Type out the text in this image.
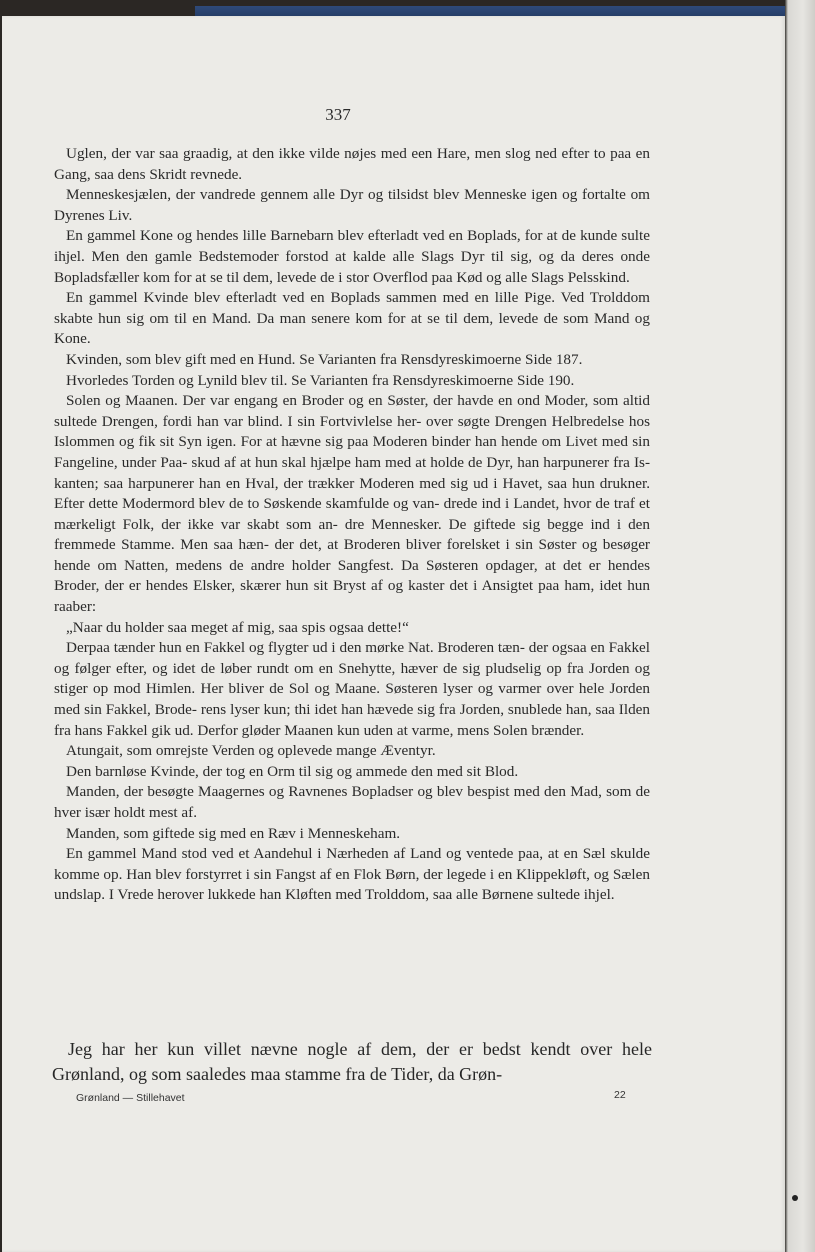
337

Uglen, der var saa graadig, at den ikke vilde nøjes med een Hare, men slog ned efter to paa en Gang, saa dens Skridt revnede.

Menneskesjælen, der vandrede gennem alle Dyr og tilsidst blev Menneske igen og fortalte om Dyrenes Liv.

En gammel Kone og hendes lille Barnebarn blev efterladt ved en Boplads, for at de kunde sulte ihjel. Men den gamle Bedstemoder forstod at kalde alle Slags Dyr til sig, og da deres onde Bopladsfæller kom for at se til dem, levede de i stor Overflod paa Kød og alle Slags Pelsskind.

En gammel Kvinde blev efterladt ved en Boplads sammen med en lille Pige. Ved Trolddom skabte hun sig om til en Mand. Da man senere kom for at se til dem, levede de som Mand og Kone.

Kvinden, som blev gift med en Hund. Se Varianten fra Rensdyreskimoerne Side 187.

Hvorledes Torden og Lynild blev til. Se Varianten fra Rensdyreskimoerne Side 190.

Solen og Maanen. Der var engang en Broder og en Søster, der havde en ond Moder, som altid sultede Drengen, fordi han var blind. I sin Fortvivlelse her- over søgte Drengen Helbredelse hos Islommen og fik sit Syn igen. For at hævne sig paa Moderen binder han hende om Livet med sin Fangeline, under Paa- skud af at hun skal hjælpe ham med at holde de Dyr, han harpunerer fra Is- kanten; saa harpunerer han en Hval, der trækker Moderen med sig ud i Havet, saa hun drukner. Efter dette Modermord blev de to Søskende skamfulde og van- drede ind i Landet, hvor de traf et mærkeligt Folk, der ikke var skabt som an- dre Mennesker. De giftede sig begge ind i den fremmede Stamme. Men saa hæn- der det, at Broderen bliver forelsket i sin Søster og besøger hende om Natten, medens de andre holder Sangfest. Da Søsteren opdager, at det er hendes Broder, der er hendes Elsker, skærer hun sit Bryst af og kaster det i Ansigtet paa ham, idet hun raaber:

„Naar du holder saa meget af mig, saa spis ogsaa dette!“

Derpaa tænder hun en Fakkel og flygter ud i den mørke Nat. Broderen tæn- der ogsaa en Fakkel og følger efter, og idet de løber rundt om en Snehytte, hæver de sig pludselig op fra Jorden og stiger op mod Himlen. Her bliver de Sol og Maane. Søsteren lyser og varmer over hele Jorden med sin Fakkel, Brode- rens lyser kun; thi idet han hævede sig fra Jorden, snublede han, saa Ilden fra hans Fakkel gik ud. Derfor gløder Maanen kun uden at varme, mens Solen brænder.

Atungait, som omrejste Verden og oplevede mange Æventyr.

Den barnløse Kvinde, der tog en Orm til sig og ammede den med sit Blod.

Manden, der besøgte Maagernes og Ravnenes Bopladser og blev bespist med den Mad, som de hver især holdt mest af.

Manden, som giftede sig med en Ræv i Menneskeham.

En gammel Mand stod ved et Aandehul i Nærheden af Land og ventede paa, at en Sæl skulde komme op. Han blev forstyrret i sin Fangst af en Flok Børn, der legede i en Klippekløft, og Sælen undslap. I Vrede herover lukkede han Kløften med Trolddom, saa alle Børnene sultede ihjel.

Jeg har her kun villet nævne nogle af dem, der er bedst kendt over hele Grønland, og som saaledes maa stamme fra de Tider, da Grøn-

Grønland — Stillehavet	22
